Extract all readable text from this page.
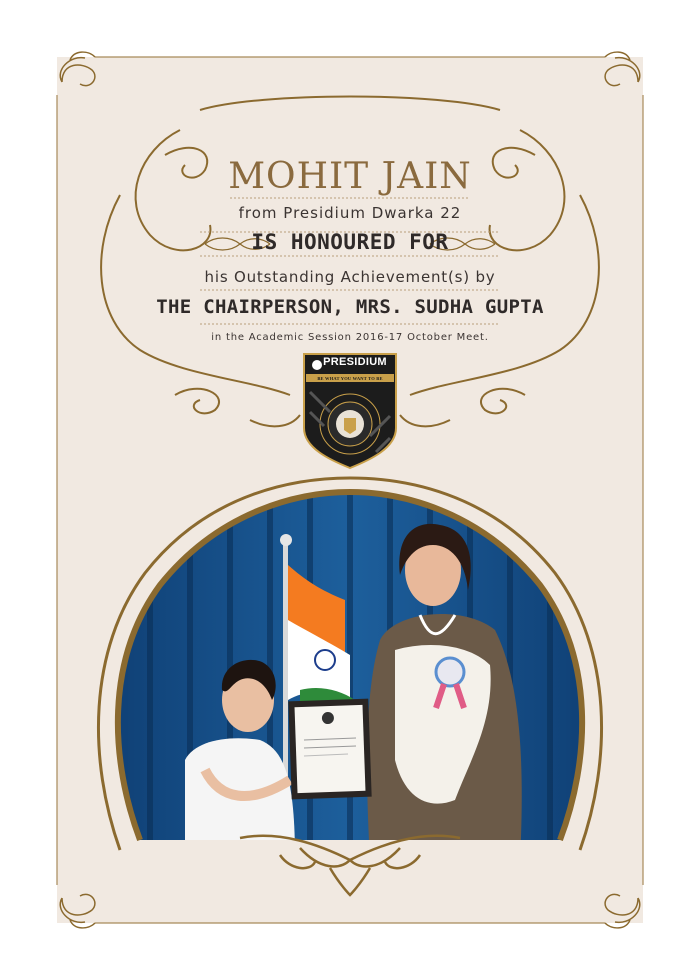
MOHIT JAIN
from Presidium Dwarka 22
IS HONOURED FOR
his Outstanding Achievement(s) by
THE CHAIRPERSON, MRS. SUDHA GUPTA
in the Academic Session 2016-17 October Meet.
PRESIDIUM
BE WHAT YOU WANT TO BE
